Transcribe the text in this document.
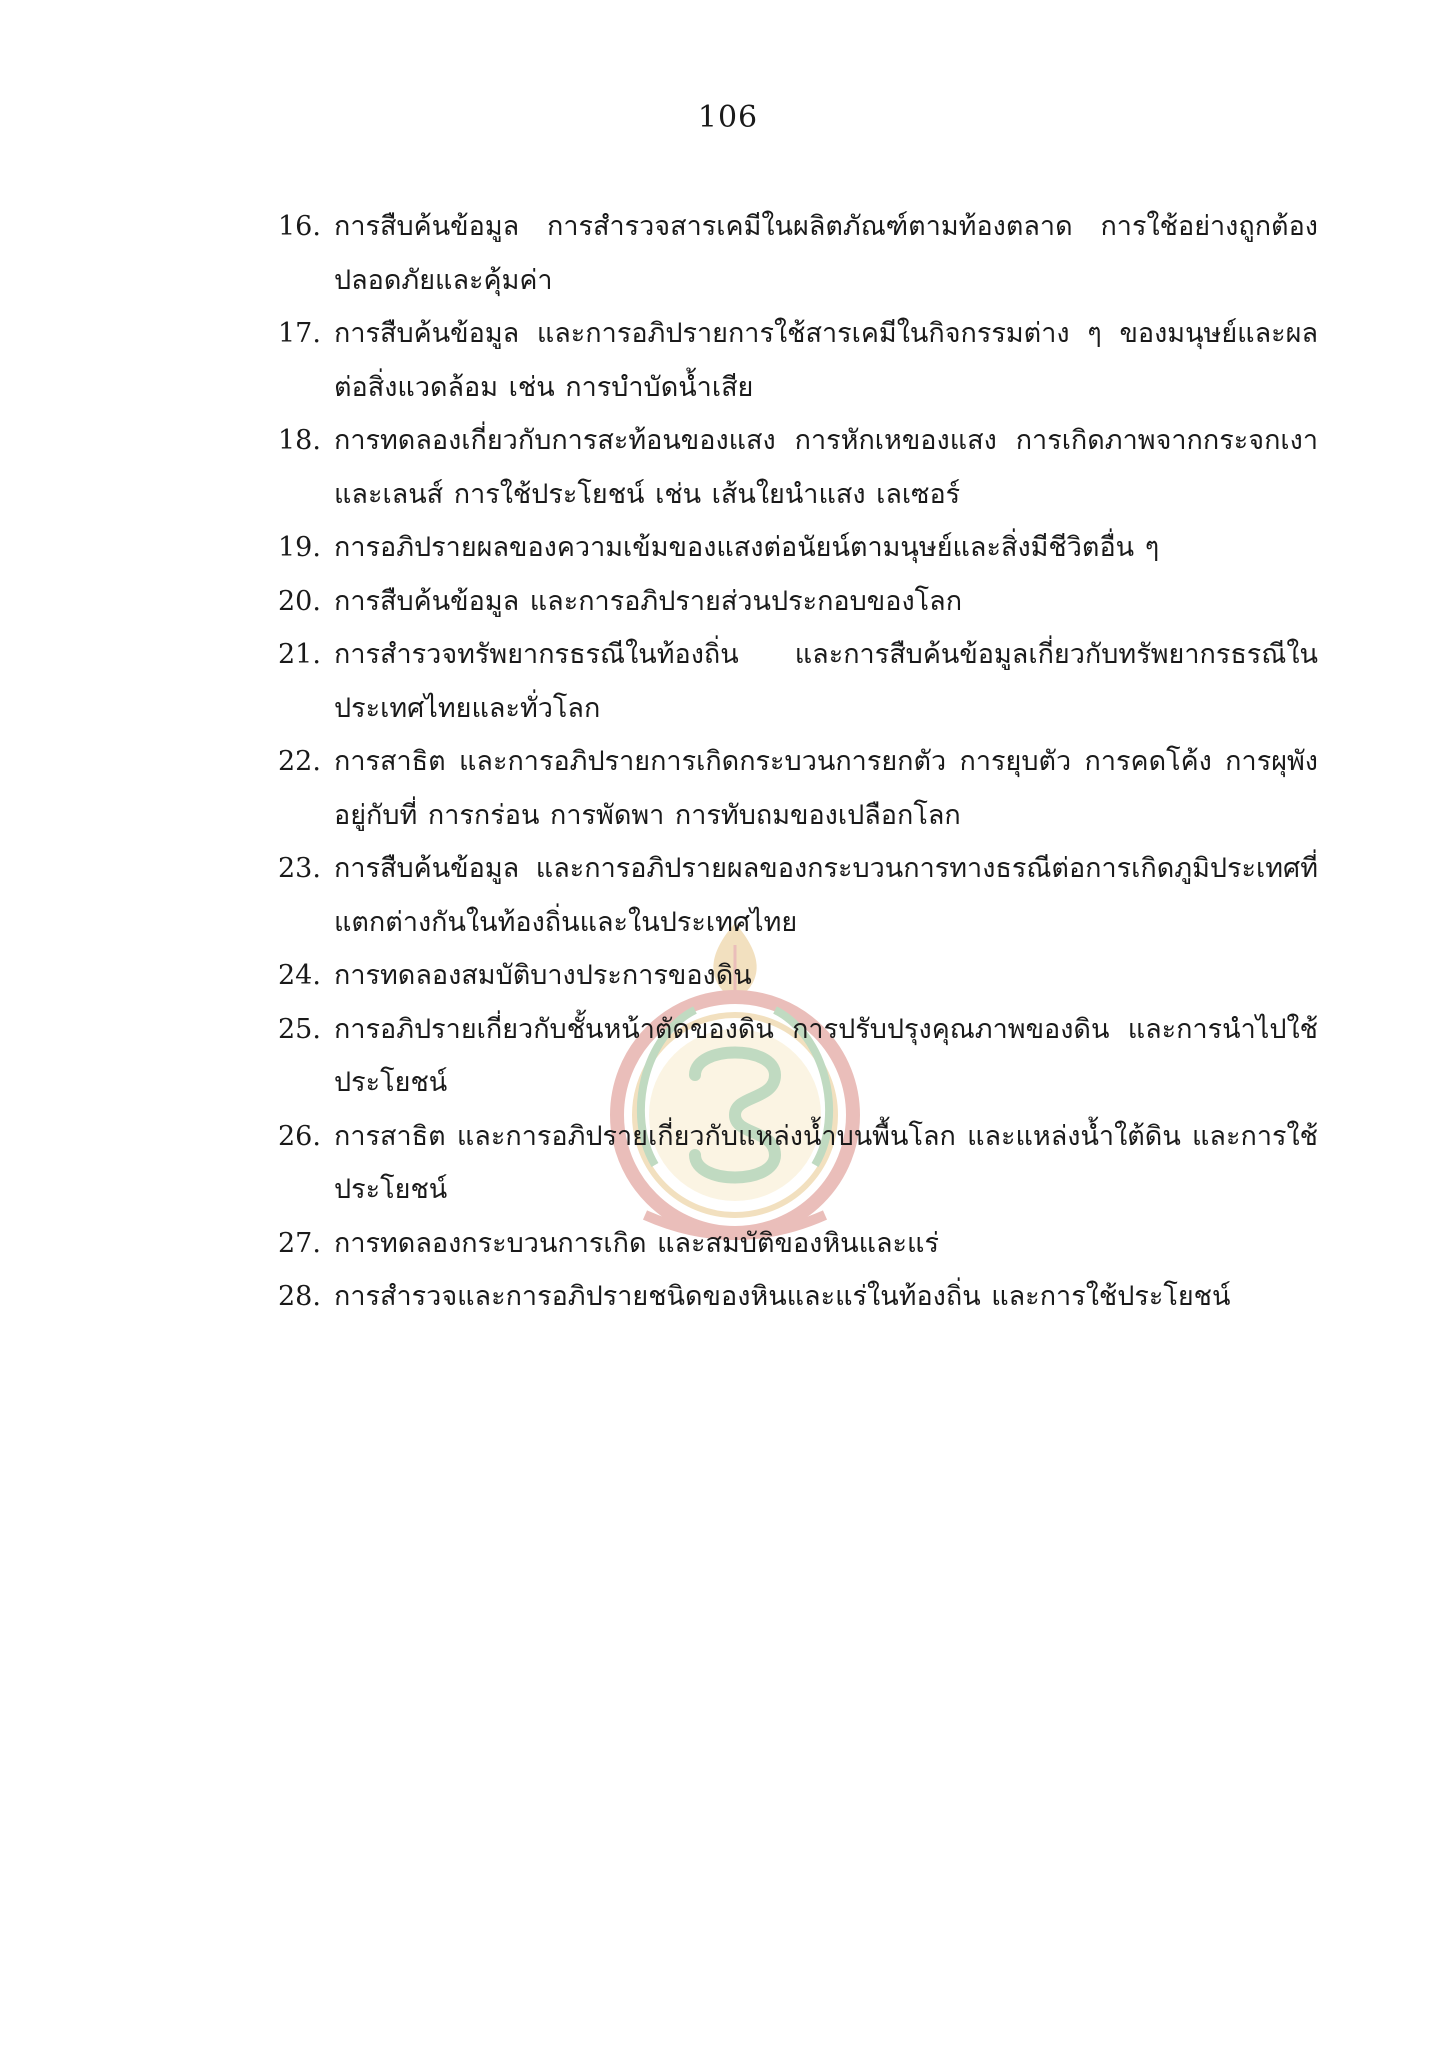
106
16. การสืบค้นข้อมูล การสำรวจสารเคมีในผลิตภัณฑ์ตามท้องตลาด การใช้อย่างถูกต้องปลอดภัยและคุ้มค่า
17. การสืบค้นข้อมูล และการอภิปรายการใช้สารเคมีในกิจกรรมต่าง ๆ ของมนุษย์และผลต่อสิ่งแวดล้อม เช่น การบำบัดน้ำเสีย
18. การทดลองเกี่ยวกับการสะท้อนของแสง การหักเหของแสง การเกิดภาพจากกระจกเงาและเลนส์ การใช้ประโยชน์ เช่น เส้นใยนำแสง เลเซอร์
19. การอภิปรายผลของความเข้มของแสงต่อนัยน์ตามนุษย์และสิ่งมีชีวิตอื่น ๆ
20. การสืบค้นข้อมูล และการอภิปรายส่วนประกอบของโลก
21. การสำรวจทรัพยากรธรณีในท้องถิ่น และการสืบค้นข้อมูลเกี่ยวกับทรัพยากรธรณีในประเทศไทยและทั่วโลก
22. การสาธิต และการอภิปรายการเกิดกระบวนการยกตัว การยุบตัว การคดโค้ง การผุพังอยู่กับที่ การกร่อน การพัดพา การทับถมของเปลือกโลก
23. การสืบค้นข้อมูล และการอภิปรายผลของกระบวนการทางธรณีต่อการเกิดภูมิประเทศที่แตกต่างกันในท้องถิ่นและในประเทศไทย
24. การทดลองสมบัติบางประการของดิน
25. การอภิปรายเกี่ยวกับชั้นหน้าตัดของดิน การปรับปรุงคุณภาพของดิน และการนำไปใช้ประโยชน์
26. การสาธิต และการอภิปรายเกี่ยวกับแหล่งน้ำบนพื้นโลก และแหล่งน้ำใต้ดิน และการใช้ประโยชน์
27. การทดลองกระบวนการเกิด และสมบัติของหินและแร่
28. การสำรวจและการอภิปรายชนิดของหินและแร่ในท้องถิ่น และการใช้ประโยชน์
